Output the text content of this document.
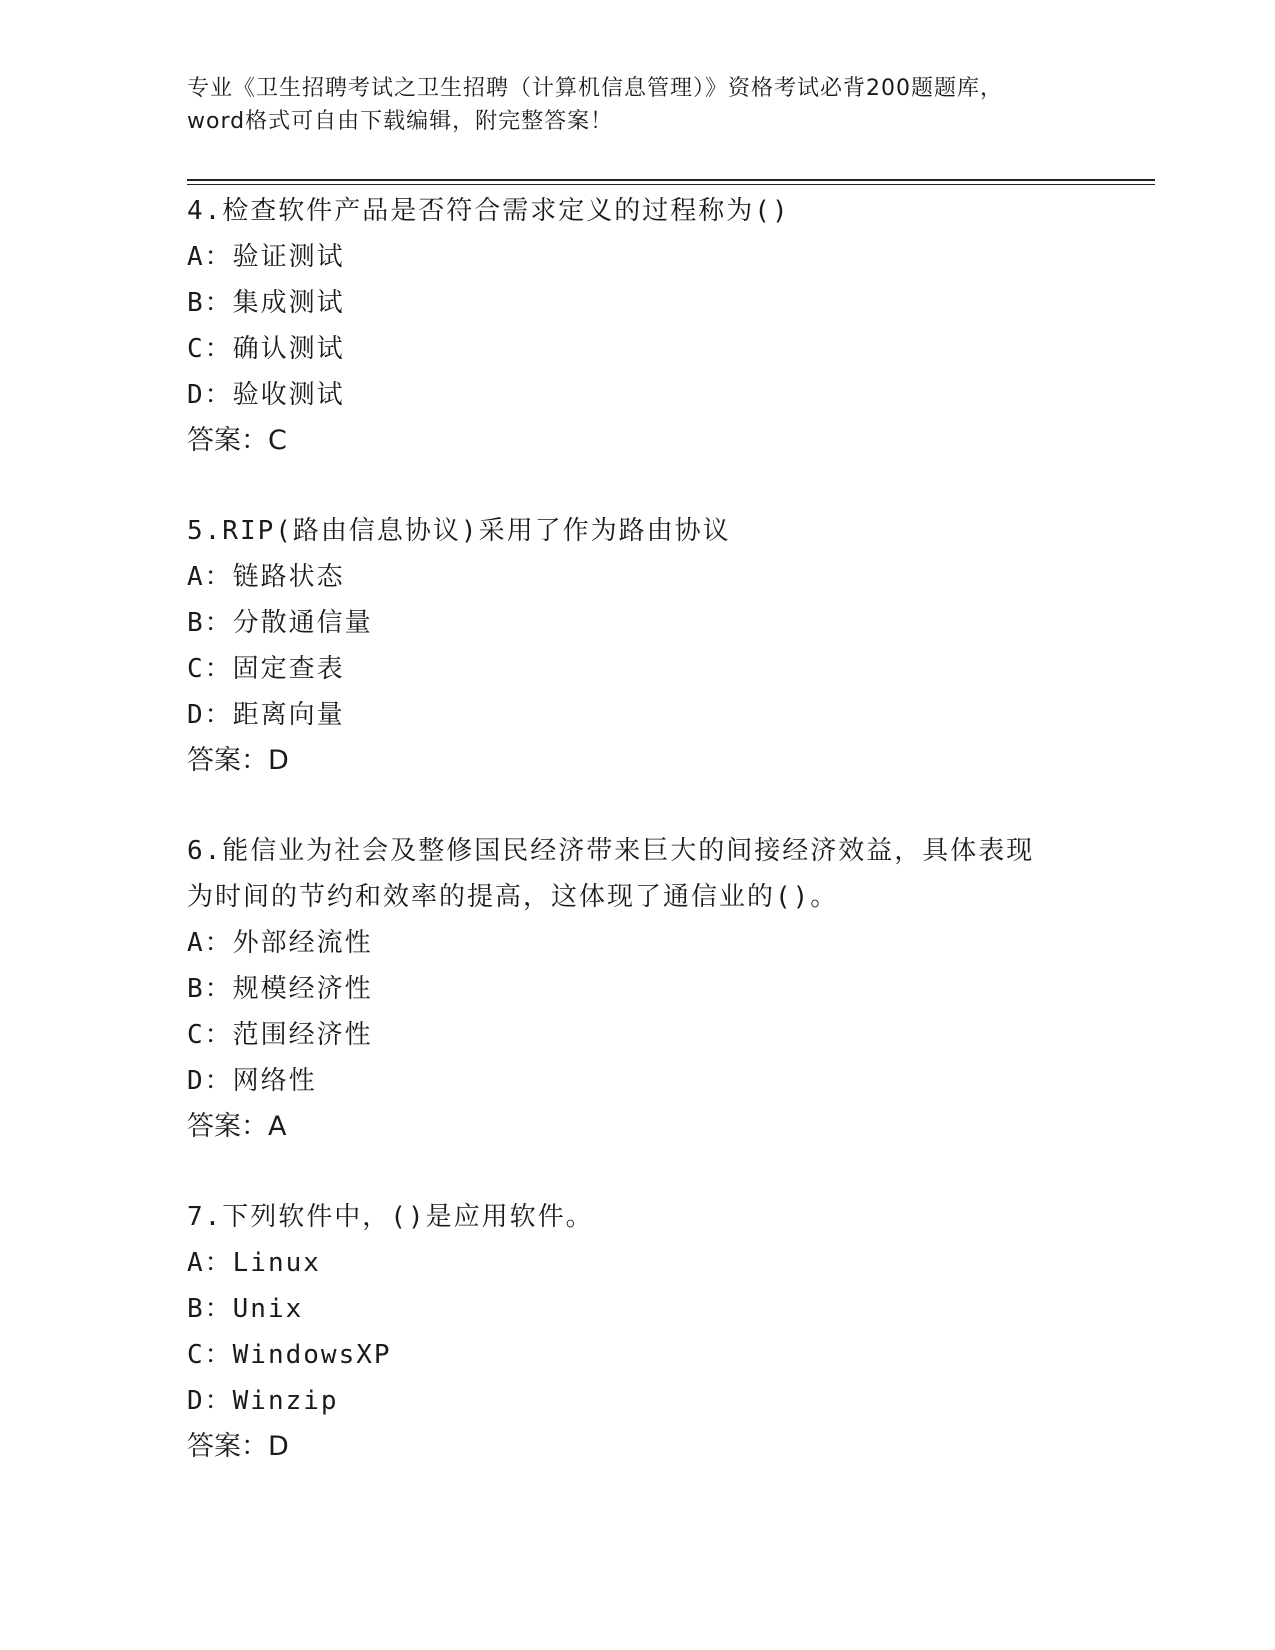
专业《卫生招聘考试之卫生招聘（计算机信息管理）》资格考试必背200题题库，
word格式可自由下载编辑，附完整答案！
4.检查软件产品是否符合需求定义的过程称为()
A：验证测试
B：集成测试
C：确认测试
D：验收测试
答案：C
5.RIP(路由信息协议)采用了作为路由协议
A：链路状态
B：分散通信量
C：固定查表
D：距离向量
答案：D
6.能信业为社会及整修国民经济带来巨大的间接经济效益，具体表现
为时间的节约和效率的提高，这体现了通信业的()。
A：外部经流性
B：规模经济性
C：范围经济性
D：网络性
答案：A
7.下列软件中，()是应用软件。
A：Linux
B：Unix
C：WindowsXP
D：Winzip
答案：D
